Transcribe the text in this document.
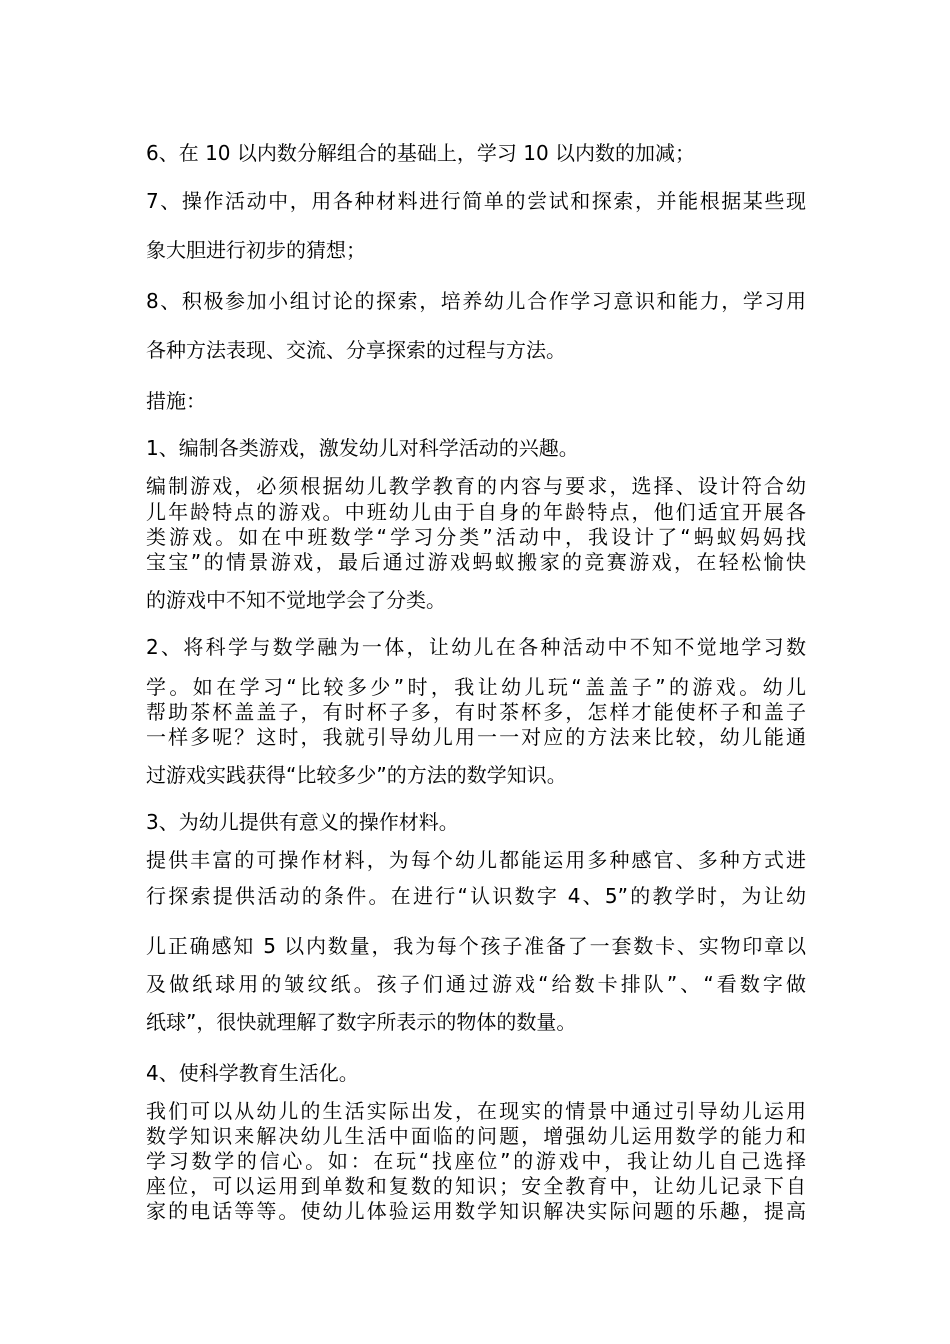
6、在 10 以内数分解组合的基础上，学习 10 以内数的加减；
7、操作活动中，用各种材料进行简单的尝试和探索，并能根据某些现
象大胆进行初步的猜想；
8、积极参加小组讨论的探索，培养幼儿合作学习意识和能力，学习用
各种方法表现、交流、分享探索的过程与方法。
措施：
1、编制各类游戏，激发幼儿对科学活动的兴趣。
编制游戏，必须根据幼儿教学教育的内容与要求，选择、设计符合幼
儿年龄特点的游戏。中班幼儿由于自身的年龄特点，他们适宜开展各
类游戏。如在中班数学“学习分类”活动中，我设计了“蚂蚁妈妈找
宝宝”的情景游戏，最后通过游戏蚂蚁搬家的竞赛游戏，在轻松愉快
的游戏中不知不觉地学会了分类。
2、将科学与数学融为一体，让幼儿在各种活动中不知不觉地学习数
学。如在学习“比较多少”时，我让幼儿玩“盖盖子”的游戏。幼儿
帮助茶杯盖盖子，有时杯子多，有时茶杯多，怎样才能使杯子和盖子
一样多呢？这时，我就引导幼儿用一一对应的方法来比较，幼儿能通
过游戏实践获得“比较多少”的方法的数学知识。
3、为幼儿提供有意义的操作材料。
提供丰富的可操作材料，为每个幼儿都能运用多种感官、多种方式进
行探索提供活动的条件。在进行“认识数字 4、5”的教学时，为让幼
儿正确感知 5 以内数量，我为每个孩子准备了一套数卡、实物印章以
及做纸球用的皱纹纸。孩子们通过游戏“给数卡排队”、“看数字做
纸球”，很快就理解了数字所表示的物体的数量。
4、使科学教育生活化。
我们可以从幼儿的生活实际出发，在现实的情景中通过引导幼儿运用
数学知识来解决幼儿生活中面临的问题，增强幼儿运用数学的能力和
学习数学的信心。如：在玩“找座位”的游戏中，我让幼儿自己选择
座位，可以运用到单数和复数的知识；安全教育中，让幼儿记录下自
家的电话等等。使幼儿体验运用数学知识解决实际问题的乐趣，提高
